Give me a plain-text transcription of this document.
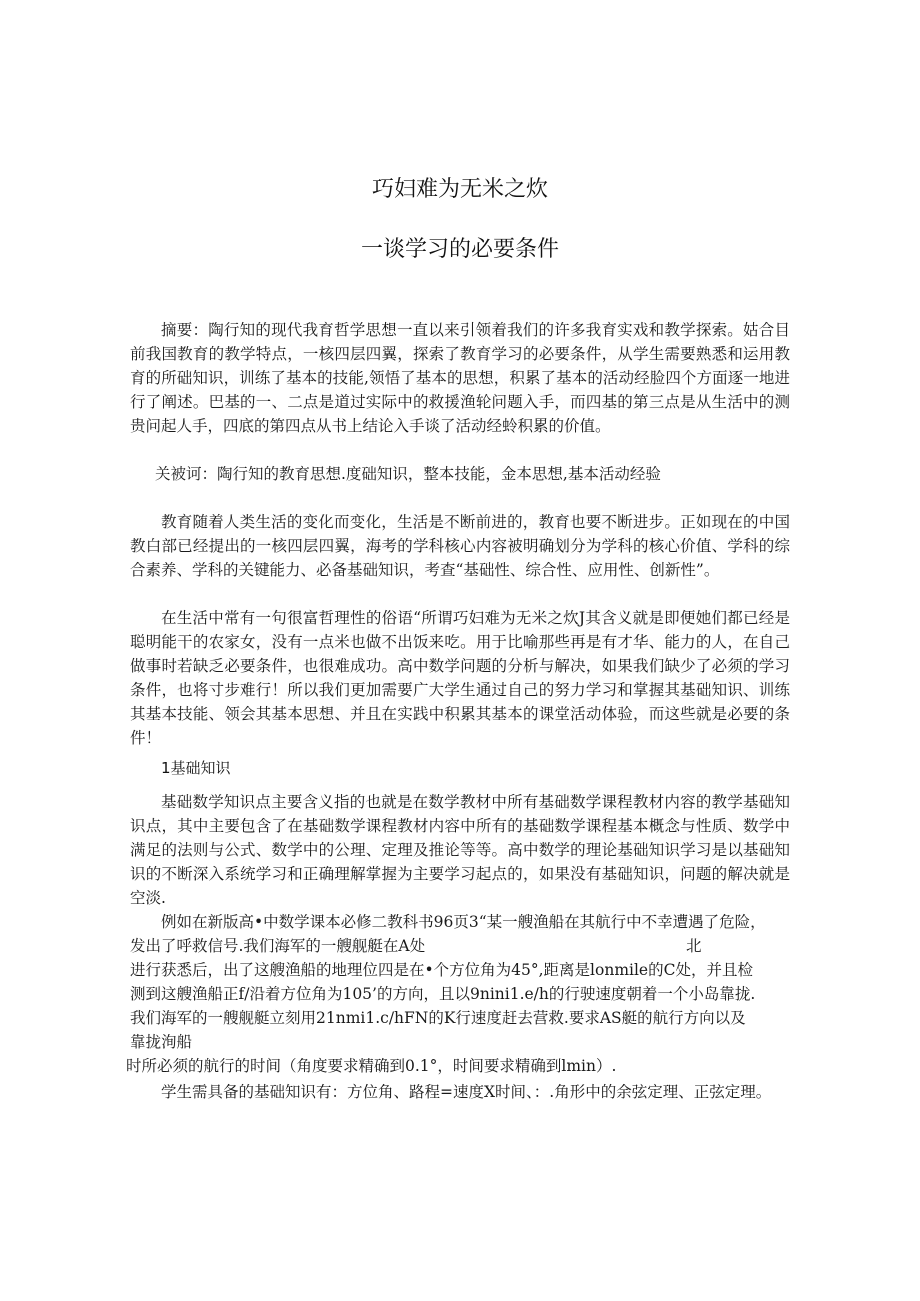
巧妇难为无米之炊
一谈学习的必要条件

摘要：陶行知的现代我育哲学思想一直以来引领着我们的许多我育实戏和教学探索。姑合目前我国教育的教学特点，一核四层四翼，探索了教育学习的必要条件，从学生需要熟悉和运用教育的所础知识，训练了基本的技能,领悟了基本的思想，积累了基本的活动经脸四个方面逐一地进行了阐述。巴基的一、二点是道过实际中的救援渔轮问题入手，而四基的第三点是从生活中的测贵问起人手，四底的第四点从书上结论入手谈了活动经蛉积累的价值。

关被诃：陶行知的教育思想.度础知识，整本技能，金本思想,基本活动经验

教育随着人类生活的变化而变化，生活是不断前进的，教育也要不断进步。正如现在的中国教白部已经提出的一核四层四翼，海考的学科核心内容被明确划分为学科的核心价值、学科的综合素养、学科的关键能力、必备基础知识，考查“基础性、综合性、应用性、创新性”。

在生活中常有一句很富哲理性的俗语“所谓巧妇难为无米之炊J其含义就是即便她们都已经是聪明能干的农家女，没有一点米也做不出饭来吃。用于比喻那些再是有才华、能力的人，在自己做事时若缺乏必要条件，也很难成功。高中数学问题的分析与解决，如果我们缺少了必须的学习条件，也将寸步难行！所以我们更加需要广大学生通过自己的努力学习和掌握其基础知识、训练其基本技能、领会其基本思想、并且在实践中积累其基本的课堂活动体验，而这些就是必要的条件！

1基础知识

基础数学知识点主要含义指的也就是在数学教材中所有基础数学课程教材内容的教学基础知识点，其中主要包含了在基础数学课程教材内容中所有的基础数学课程基本概念与性质、数学中满足的法则与公式、数学中的公理、定理及推论等等。高中数学的理论基础知识学习是以基础知识的不断深入系统学习和正确理解掌握为主要学习起点的，如果没有基础知识，问题的解决就是空淡.

例如在新版高•中数学课本必修二教科书96页3“某一艘渔船在其航行中不幸遭遇了危险，
发出了呼救信号.我们海军的一艘舰艇在A处	北
进行获悉后，出了这艘渔船的地理位四是在•个方位角为45°,距离是lonmile的C处，并且检
测到这艘渔船正f/沿着方位角为105’的方向，且以9nini1.e/h的行驶速度朝着一个小岛靠拢.
我们海军的一艘舰艇立刻用21nmi1.c/hFN的K行速度赶去营救.要求AS艇的航行方向以及
靠拢洵船
时所必须的航行的时间（角度要求精确到0.1°，时间要求精确到lmin）.

学生需具备的基础知识有：方位角、路程=速度X时间、：.角形中的余弦定理、正弦定理。
